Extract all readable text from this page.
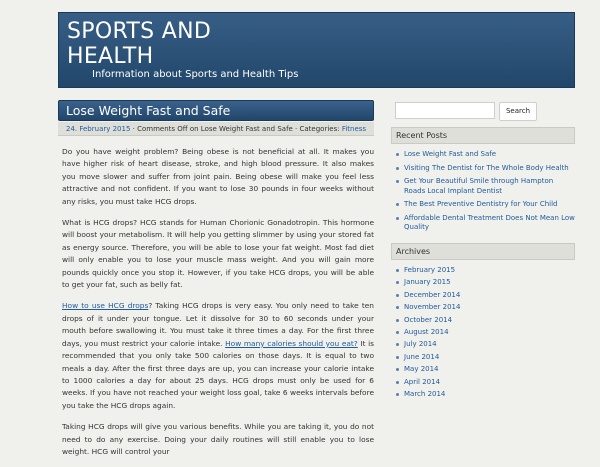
SPORTS AND HEALTH
Information about Sports and Health Tips
Lose Weight Fast and Safe
24. February 2015 · Comments Off on Lose Weight Fast and Safe · Categories: Fitness

Do you have weight problem? Being obese is not beneficial at all. It makes you have higher risk of heart disease, stroke, and high blood pressure. It also makes you move slower and suffer from joint pain. Being obese will make you feel less attractive and not confident. If you want to lose 30 pounds in four weeks without any risks, you must take HCG drops.

What is HCG drops? HCG stands for Human Chorionic Gonadotropin. This hormone will boost your metabolism. It will help you getting slimmer by using your stored fat as energy source. Therefore, you will be able to lose your fat weight. Most fad diet will only enable you to lose your muscle mass weight. And you will gain more pounds quickly once you stop it. However, if you take HCG drops, you will be able to get your fat, such as belly fat.

How to use HCG drops? Taking HCG drops is very easy. You only need to take ten drops of it under your tongue. Let it dissolve for 30 to 60 seconds under your mouth before swallowing it. You must take it three times a day. For the first three days, you must restrict your calorie intake. How many calories should you eat? It is recommended that you only take 500 calories on those days. It is equal to two meals a day. After the first three days are up, you can increase your calorie intake to 1000 calories a day for about 25 days. HCG drops must only be used for 6 weeks. If you have not reached your weight loss goal, take 6 weeks intervals before you take the HCG drops again.

Taking HCG drops will give you various benefits. While you are taking it, you do not need to do any exercise. Doing your daily routines will still enable you to lose weight. HCG will control your

Search
Recent Posts
Lose Weight Fast and Safe
Visiting The Dentist for The Whole Body Health
Get Your Beautiful Smile through Hampton Roads Local Implant Dentist
The Best Preventive Dentistry for Your Child
Affordable Dental Treatment Does Not Mean Low Quality
Archives
February 2015
January 2015
December 2014
November 2014
October 2014
August 2014
July 2014
June 2014
May 2014
April 2014
March 2014
